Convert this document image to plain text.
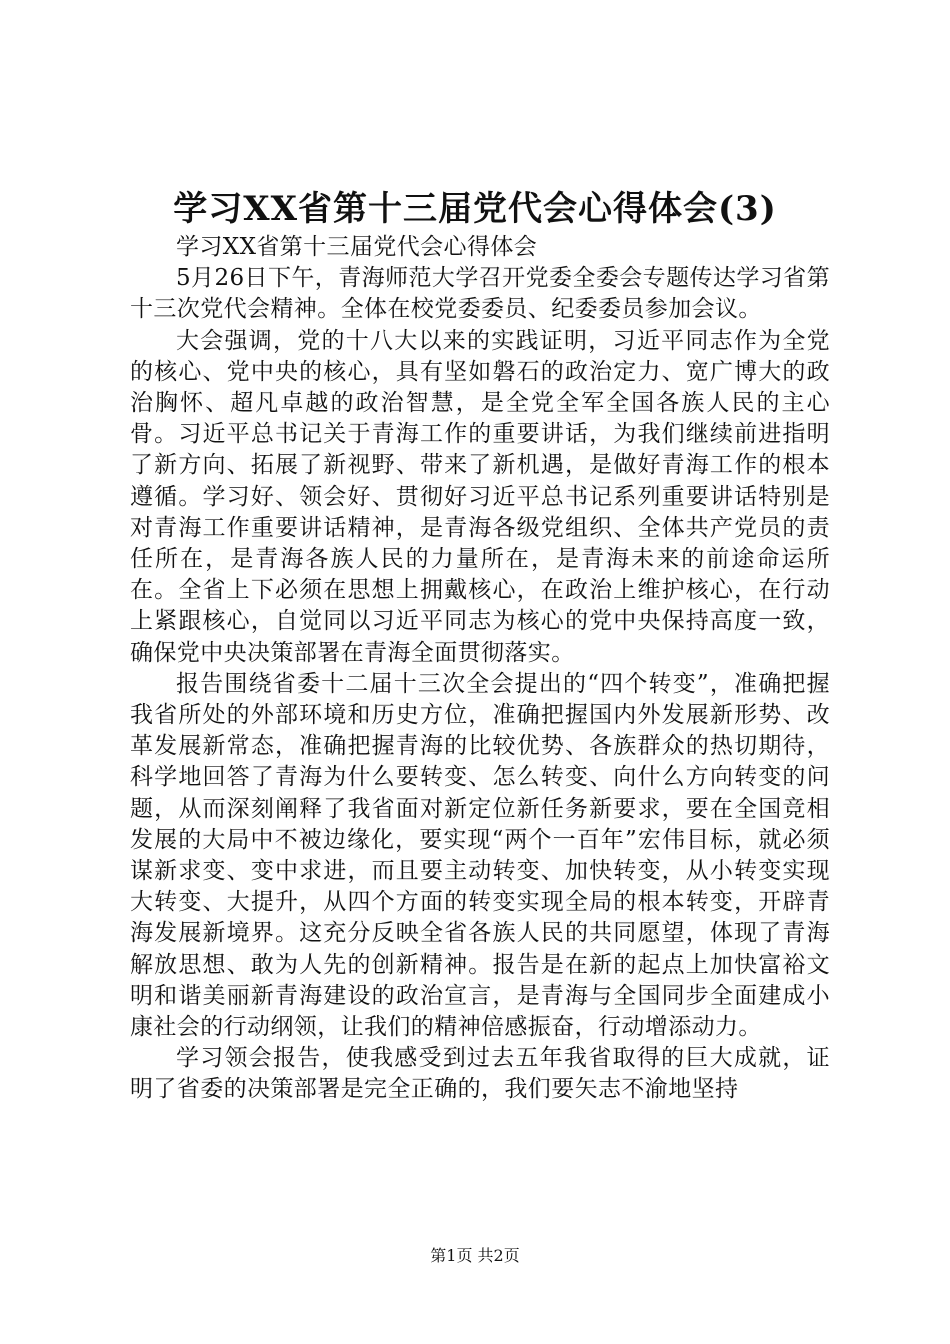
学习XX省第十三届党代会心得体会(3)

学习XX省第十三届党代会心得体会

5月26日下午，青海师范大学召开党委全委会专题传达学习省第十三次党代会精神。全体在校党委委员、纪委委员参加会议。

大会强调，党的十八大以来的实践证明，习近平同志作为全党的核心、党中央的核心，具有坚如磐石的政治定力、宽广博大的政治胸怀、超凡卓越的政治智慧，是全党全军全国各族人民的主心骨。习近平总书记关于青海工作的重要讲话，为我们继续前进指明了新方向、拓展了新视野、带来了新机遇，是做好青海工作的根本遵循。学习好、领会好、贯彻好习近平总书记系列重要讲话特别是对青海工作重要讲话精神，是青海各级党组织、全体共产党员的责任所在，是青海各族人民的力量所在，是青海未来的前途命运所在。全省上下必须在思想上拥戴核心，在政治上维护核心，在行动上紧跟核心，自觉同以习近平同志为核心的党中央保持高度一致，确保党中央决策部署在青海全面贯彻落实。

报告围绕省委十二届十三次全会提出的“四个转变”，准确把握我省所处的外部环境和历史方位，准确把握国内外发展新形势、改革发展新常态，准确把握青海的比较优势、各族群众的热切期待，科学地回答了青海为什么要转变、怎么转变、向什么方向转变的问题，从而深刻阐释了我省面对新定位新任务新要求，要在全国竞相发展的大局中不被边缘化，要实现“两个一百年”宏伟目标，就必须谋新求变、变中求进，而且要主动转变、加快转变，从小转变实现大转变、大提升，从四个方面的转变实现全局的根本转变，开辟青海发展新境界。这充分反映全省各族人民的共同愿望，体现了青海解放思想、敢为人先的创新精神。报告是在新的起点上加快富裕文明和谐美丽新青海建设的政治宣言，是青海与全国同步全面建成小康社会的行动纲领，让我们的精神倍感振奋，行动增添动力。

学习领会报告，使我感受到过去五年我省取得的巨大成就，证明了省委的决策部署是完全正确的，我们要矢志不渝地坚持

第1页 共2页
